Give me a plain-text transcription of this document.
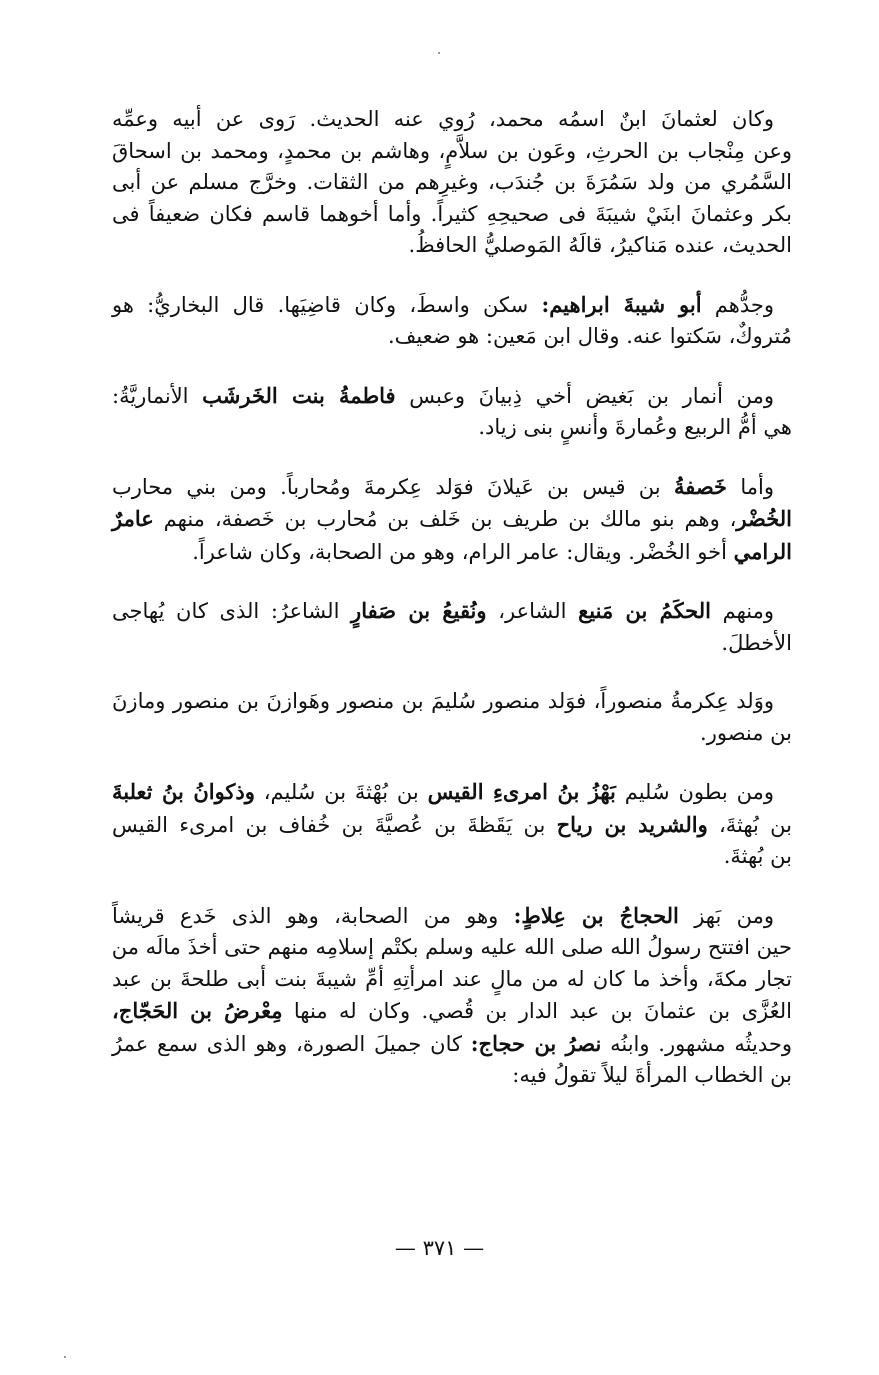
وكان لعثمانَ ابنٌ اسمُه محمد، رُوي عنه الحديث. رَوى عن أبيه وعمِّه
وعن مِنْجاب بن الحرثِ، وعَون بن سلاَّمٍ، وهاشم بن محمدٍ، ومحمد بن اسحاقَ
السَّمُري من ولد سَمُرَةَ بن جُندَب، وغيرِهم من الثقات. وخرَّج مسلم عن أبى
بكر وعثمانَ ابنَيْ شيبَةَ فى صحيحِهِ كثيراً. وأما أخوهما قاسم فكان ضعيفاً فى
الحديث، عنده مَناكيرُ، قالَهُ المَوصليُّ الحافظُ.
وجدُّهم أبو شيبةَ ابراهيم: سكن واسطَ، وكان قاضِيَها. قال البخاريُّ: هو
مُتروكٌ، سَكتوا عنه. وقال ابن مَعين: هو ضعيف.
ومن أنمار بن بَغيض أخي ذِبيانَ وعبس فاطمةُ بنت الخَرشَب الأنماريَّةُ:
هي أمُّ الربيع وعُمارةَ وأنسٍ بنى زياد.
وأما خَصفةُ بن قيس بن عَيلانَ فوَلد عِكرمةَ ومُحارباً. ومن بني محارب
الخُضْر، وهم بنو مالك بن طريف بن خَلف بن مُحارب بن خَصفة، منهم عامرٌ
الرامي أخو الخُضْر. ويقال: عامر الرام، وهو من الصحابة، وكان شاعراً.
ومنهم الحكَمُ بن مَنيع الشاعر، ونُقيعُ بن صَفارٍ الشاعرُ: الذى كان يُهاجى
الأخطلَ.
ووَلد عِكرمةُ منصوراً، فوَلد منصور سُليمَ بن منصور وهَوازنَ بن منصور ومازنَ
بن منصور.
ومن بطون سُليم بَهْزُ بنُ امرىءِ القيس بن بُهْثةَ بن سُليم، وذكوانُ بنُ ثعلبةَ
بن بُهثةَ، والشريد بن رياح بن يَقَظةَ بن عُصيَّةَ بن خُفاف بن امرىء القيس
بن بُهثةَ.
ومن بَهز الحجاجُ بن عِلاطٍ: وهو من الصحابة، وهو الذى خَدع قريشاً
حين افتتح رسولُ الله صلى الله عليه وسلم بكتْم إسلامِه منهم حتى أخذَ مالَه من
تجار مكةَ، وأخذ ما كان له من مالٍ عند امرأتِهِ أمِّ شيبةَ بنت أبى طلحةَ بن عبد
العُزَّى بن عثمانَ بن عبد الدار بن قُصي. وكان له منها مِعْرضُ بن الحَجّاج،
وحديثُه مشهور. وابنُه نصرُ بن حجاج: كان جميلَ الصورة، وهو الذى سمع عمرُ
بن الخطاب المرأةَ ليلاً تقولُ فيه:
— ٣٧١ —
